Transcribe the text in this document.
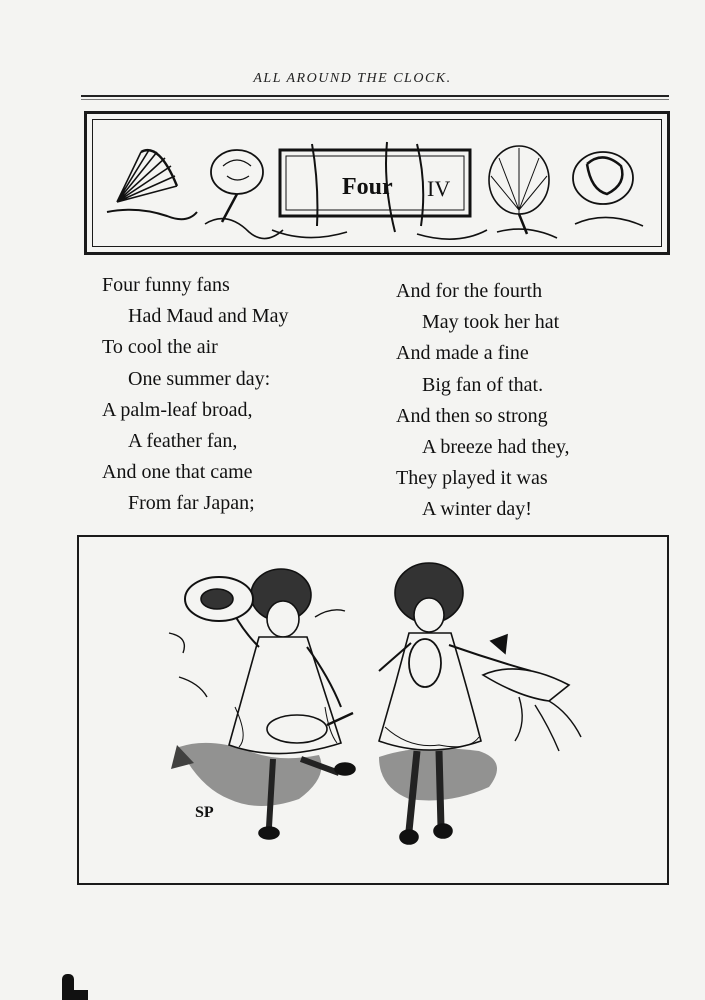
ALL AROUND THE CLOCK.
Four IV
Four funny fans
Had Maud and May
To cool the air
One summer day:
A palm-leaf broad,
A feather fan,
And one that came
From far Japan;
And for the fourth
May took her hat
And made a fine
Big fan of that.
And then so strong
A breeze had they,
They played it was
A winter day!
SP
